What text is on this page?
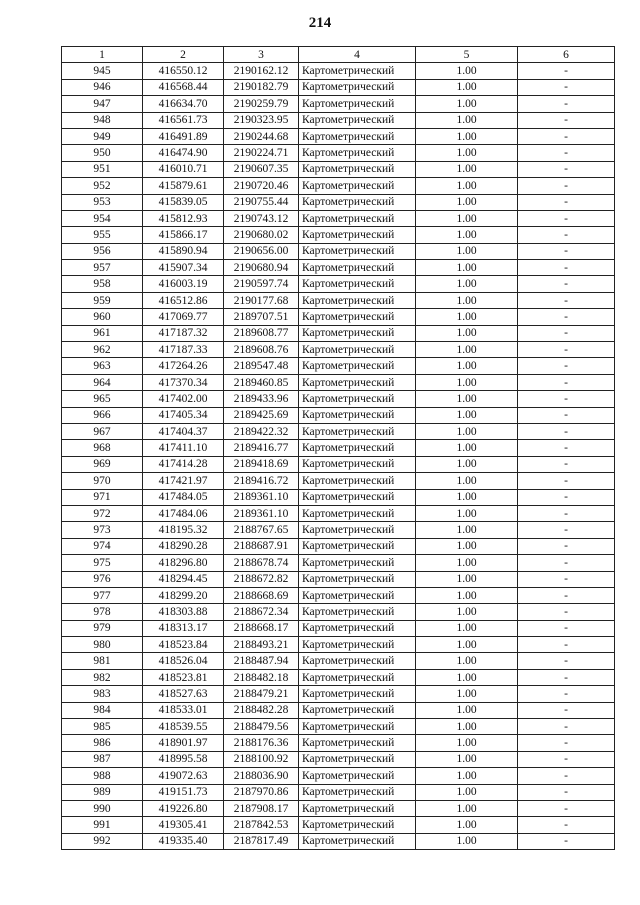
214
1	2	3	4	5	6
945	416550.12	2190162.12	Картометрический	1.00	-
946	416568.44	2190182.79	Картометрический	1.00	-
947	416634.70	2190259.79	Картометрический	1.00	-
948	416561.73	2190323.95	Картометрический	1.00	-
949	416491.89	2190244.68	Картометрический	1.00	-
950	416474.90	2190224.71	Картометрический	1.00	-
951	416010.71	2190607.35	Картометрический	1.00	-
952	415879.61	2190720.46	Картометрический	1.00	-
953	415839.05	2190755.44	Картометрический	1.00	-
954	415812.93	2190743.12	Картометрический	1.00	-
955	415866.17	2190680.02	Картометрический	1.00	-
956	415890.94	2190656.00	Картометрический	1.00	-
957	415907.34	2190680.94	Картометрический	1.00	-
958	416003.19	2190597.74	Картометрический	1.00	-
959	416512.86	2190177.68	Картометрический	1.00	-
960	417069.77	2189707.51	Картометрический	1.00	-
961	417187.32	2189608.77	Картометрический	1.00	-
962	417187.33	2189608.76	Картометрический	1.00	-
963	417264.26	2189547.48	Картометрический	1.00	-
964	417370.34	2189460.85	Картометрический	1.00	-
965	417402.00	2189433.96	Картометрический	1.00	-
966	417405.34	2189425.69	Картометрический	1.00	-
967	417404.37	2189422.32	Картометрический	1.00	-
968	417411.10	2189416.77	Картометрический	1.00	-
969	417414.28	2189418.69	Картометрический	1.00	-
970	417421.97	2189416.72	Картометрический	1.00	-
971	417484.05	2189361.10	Картометрический	1.00	-
972	417484.06	2189361.10	Картометрический	1.00	-
973	418195.32	2188767.65	Картометрический	1.00	-
974	418290.28	2188687.91	Картометрический	1.00	-
975	418296.80	2188678.74	Картометрический	1.00	-
976	418294.45	2188672.82	Картометрический	1.00	-
977	418299.20	2188668.69	Картометрический	1.00	-
978	418303.88	2188672.34	Картометрический	1.00	-
979	418313.17	2188668.17	Картометрический	1.00	-
980	418523.84	2188493.21	Картометрический	1.00	-
981	418526.04	2188487.94	Картометрический	1.00	-
982	418523.81	2188482.18	Картометрический	1.00	-
983	418527.63	2188479.21	Картометрический	1.00	-
984	418533.01	2188482.28	Картометрический	1.00	-
985	418539.55	2188479.56	Картометрический	1.00	-
986	418901.97	2188176.36	Картометрический	1.00	-
987	418995.58	2188100.92	Картометрический	1.00	-
988	419072.63	2188036.90	Картометрический	1.00	-
989	419151.73	2187970.86	Картометрический	1.00	-
990	419226.80	2187908.17	Картометрический	1.00	-
991	419305.41	2187842.53	Картометрический	1.00	-
992	419335.40	2187817.49	Картометрический	1.00	-
